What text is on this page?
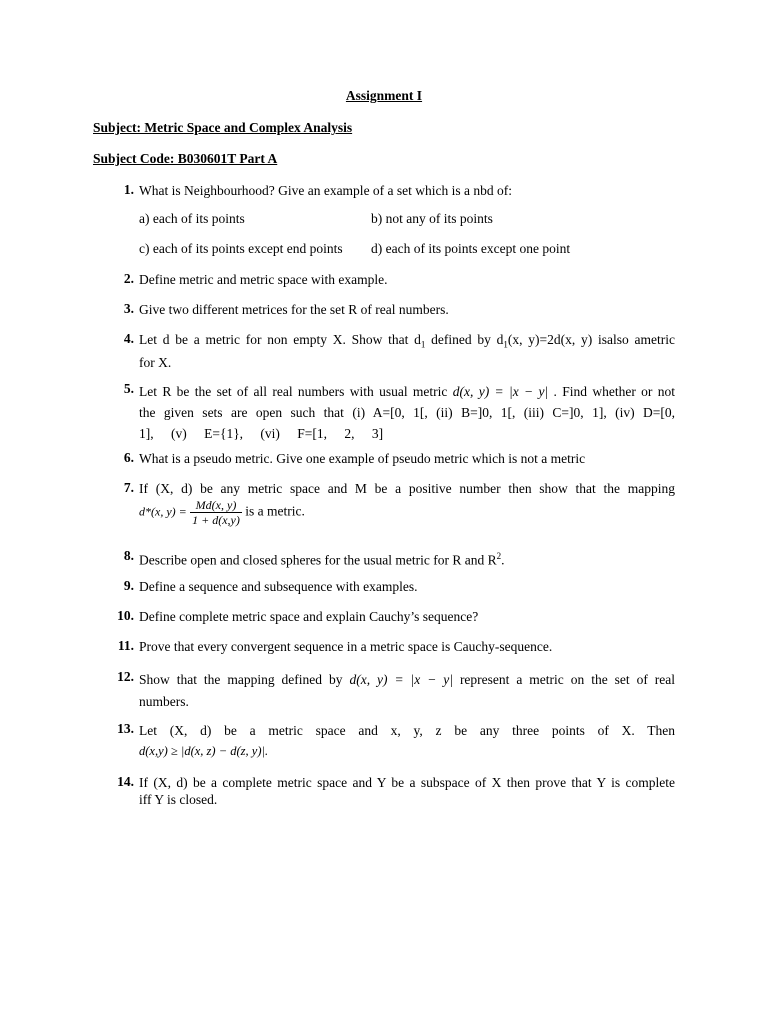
Assignment I
Subject: Metric Space and Complex Analysis
Subject Code: B030601T Part A
1. What is Neighbourhood? Give an example of a set which is a nbd of:
a) each of its points	b) not any of its points
c) each of its points except end points d) each of its points except one point
2. Define metric and metric space with example.
3. Give two different metrices for the set R of real numbers.
4. Let d be a metric for non empty X. Show that $d_1$ defined by $d_1(x$, y)=2d(x, y) isalso ametric
for X.
5. Let R be the set of all real numbers with usual metric d(x, y) = |x − y| . Find whether or not
the given sets are open such that (i) A=[0, 1[, (ii) B=]0, 1[, (iii) C=]0, 1], (iv) D=[0,
1], (v) E={1}, (vi) F=[1, 2, 3]
6. What is a pseudo metric. Give one example of pseudo metric which is not a metric
7. If (X, d) be any metric space and M be a positive number then show that the mapping
d*(x, $y) = \frac{Md(x, y)}{1 + d(x,y)}$ is a metric.
8. Describe open and closed spheres for the usual metric for R and $R^2$.
9. Define a sequence and subsequence with examples.
10. Define complete metric space and explain Cauchy’s sequence?
11. Prove that every convergent sequence in a metric space is Cauchy-sequence.
12. Show that the mapping defined by d(x, y) = |x − y| represent a metric on the set of real
numbers.
13. Let (X, d) be a metric space and x, y, z be any three points of X. Then
d(x,y) ≥ |d(x, z) − d(z, y)|.
14. If (X, d) be a complete metric space and Y be a subspace of X then prove that Y is complete
iff Y is closed.
